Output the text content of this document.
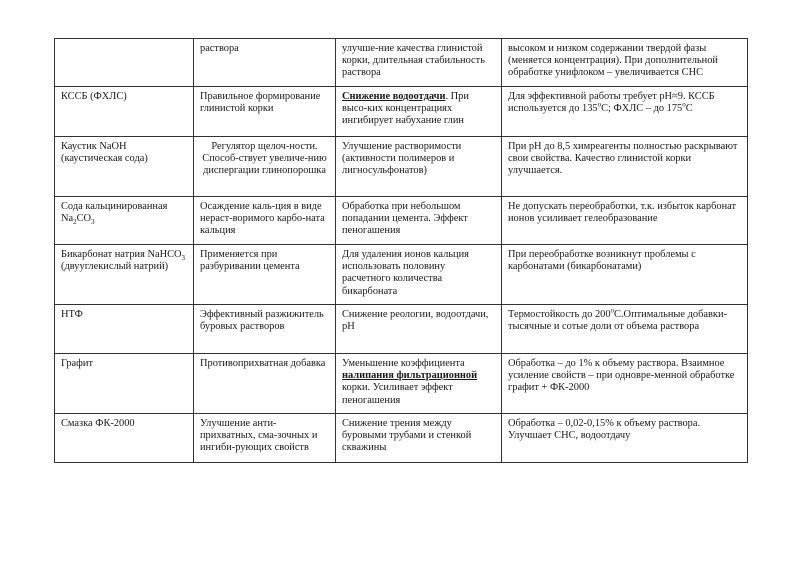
	раствора	улучше-ние качества глинистой корки, длительная стабильность раствора	высоком и низком содержании твердой фазы (меняется концентрация). При дополнительной обработке унифлоком – увеличивается СНС
КССБ (ФХЛС)	Правильное формирование глинистой корки	Снижение водоотдачи. При высо-ких концентрациях ингибирует набухание глин	Для эффективной работы требует рН≈9. КССБ используется до 135$^o$С; ФХЛС – до 175$^o$С
Каустик NaOH (каустическая сода)	Регулятор щелоч-ности. Способ-ствует увеличе-нию диспергации глинопорошка	Улучшение растворимости (активности полимеров и лигносульфонатов)	При рН до 8,5 химреагенты полностью раскрывают свои свойства. Качество глинистой корки улучшается.
Сода кальцинированная $Na_2CO_3$	Осаждение каль-ция в виде нераст-воримого карбо-ната кальция	Обработка при небольшом попадании цемента. Эффект пеногашения	Не допускать переобработки, т.к. избыток карбонат ионов усиливает гелеобразование
Бикарбонат натрия NaHCO$_3$ (двууглекислый натрий)	Применяется при разбуривании цемента	Для удаления ионов кальция использовать половину расчетного количества бикарбоната	При переобработке возникнут проблемы с карбонатами (бикарбонатами)
НТФ	Эффективный разжижитель буровых растворов	Снижение реологии, водоотдачи, рН	Термостойкость до 200$^o$С.Оптимальные добавки- тысячные и сотые доли от объема раствора
Графит	Противоприхватная добавка	Уменьшение коэффициента налипания фильтрационной корки. Усиливает эффект пеногашения	Обработка – до 1% к объему раствора. Взаимное усиление свойств – при одновре-менной обработке графит + ФК-2000
Смазка ФК-2000	Улучшение анти-прихватных, сма-зочных и ингиби-рующих свойств	Снижение трения между буровыми трубами и стенкой скважины	Обработка – 0,02-0,15% к объему раствора. Улучшает СНС, водоотдачу
